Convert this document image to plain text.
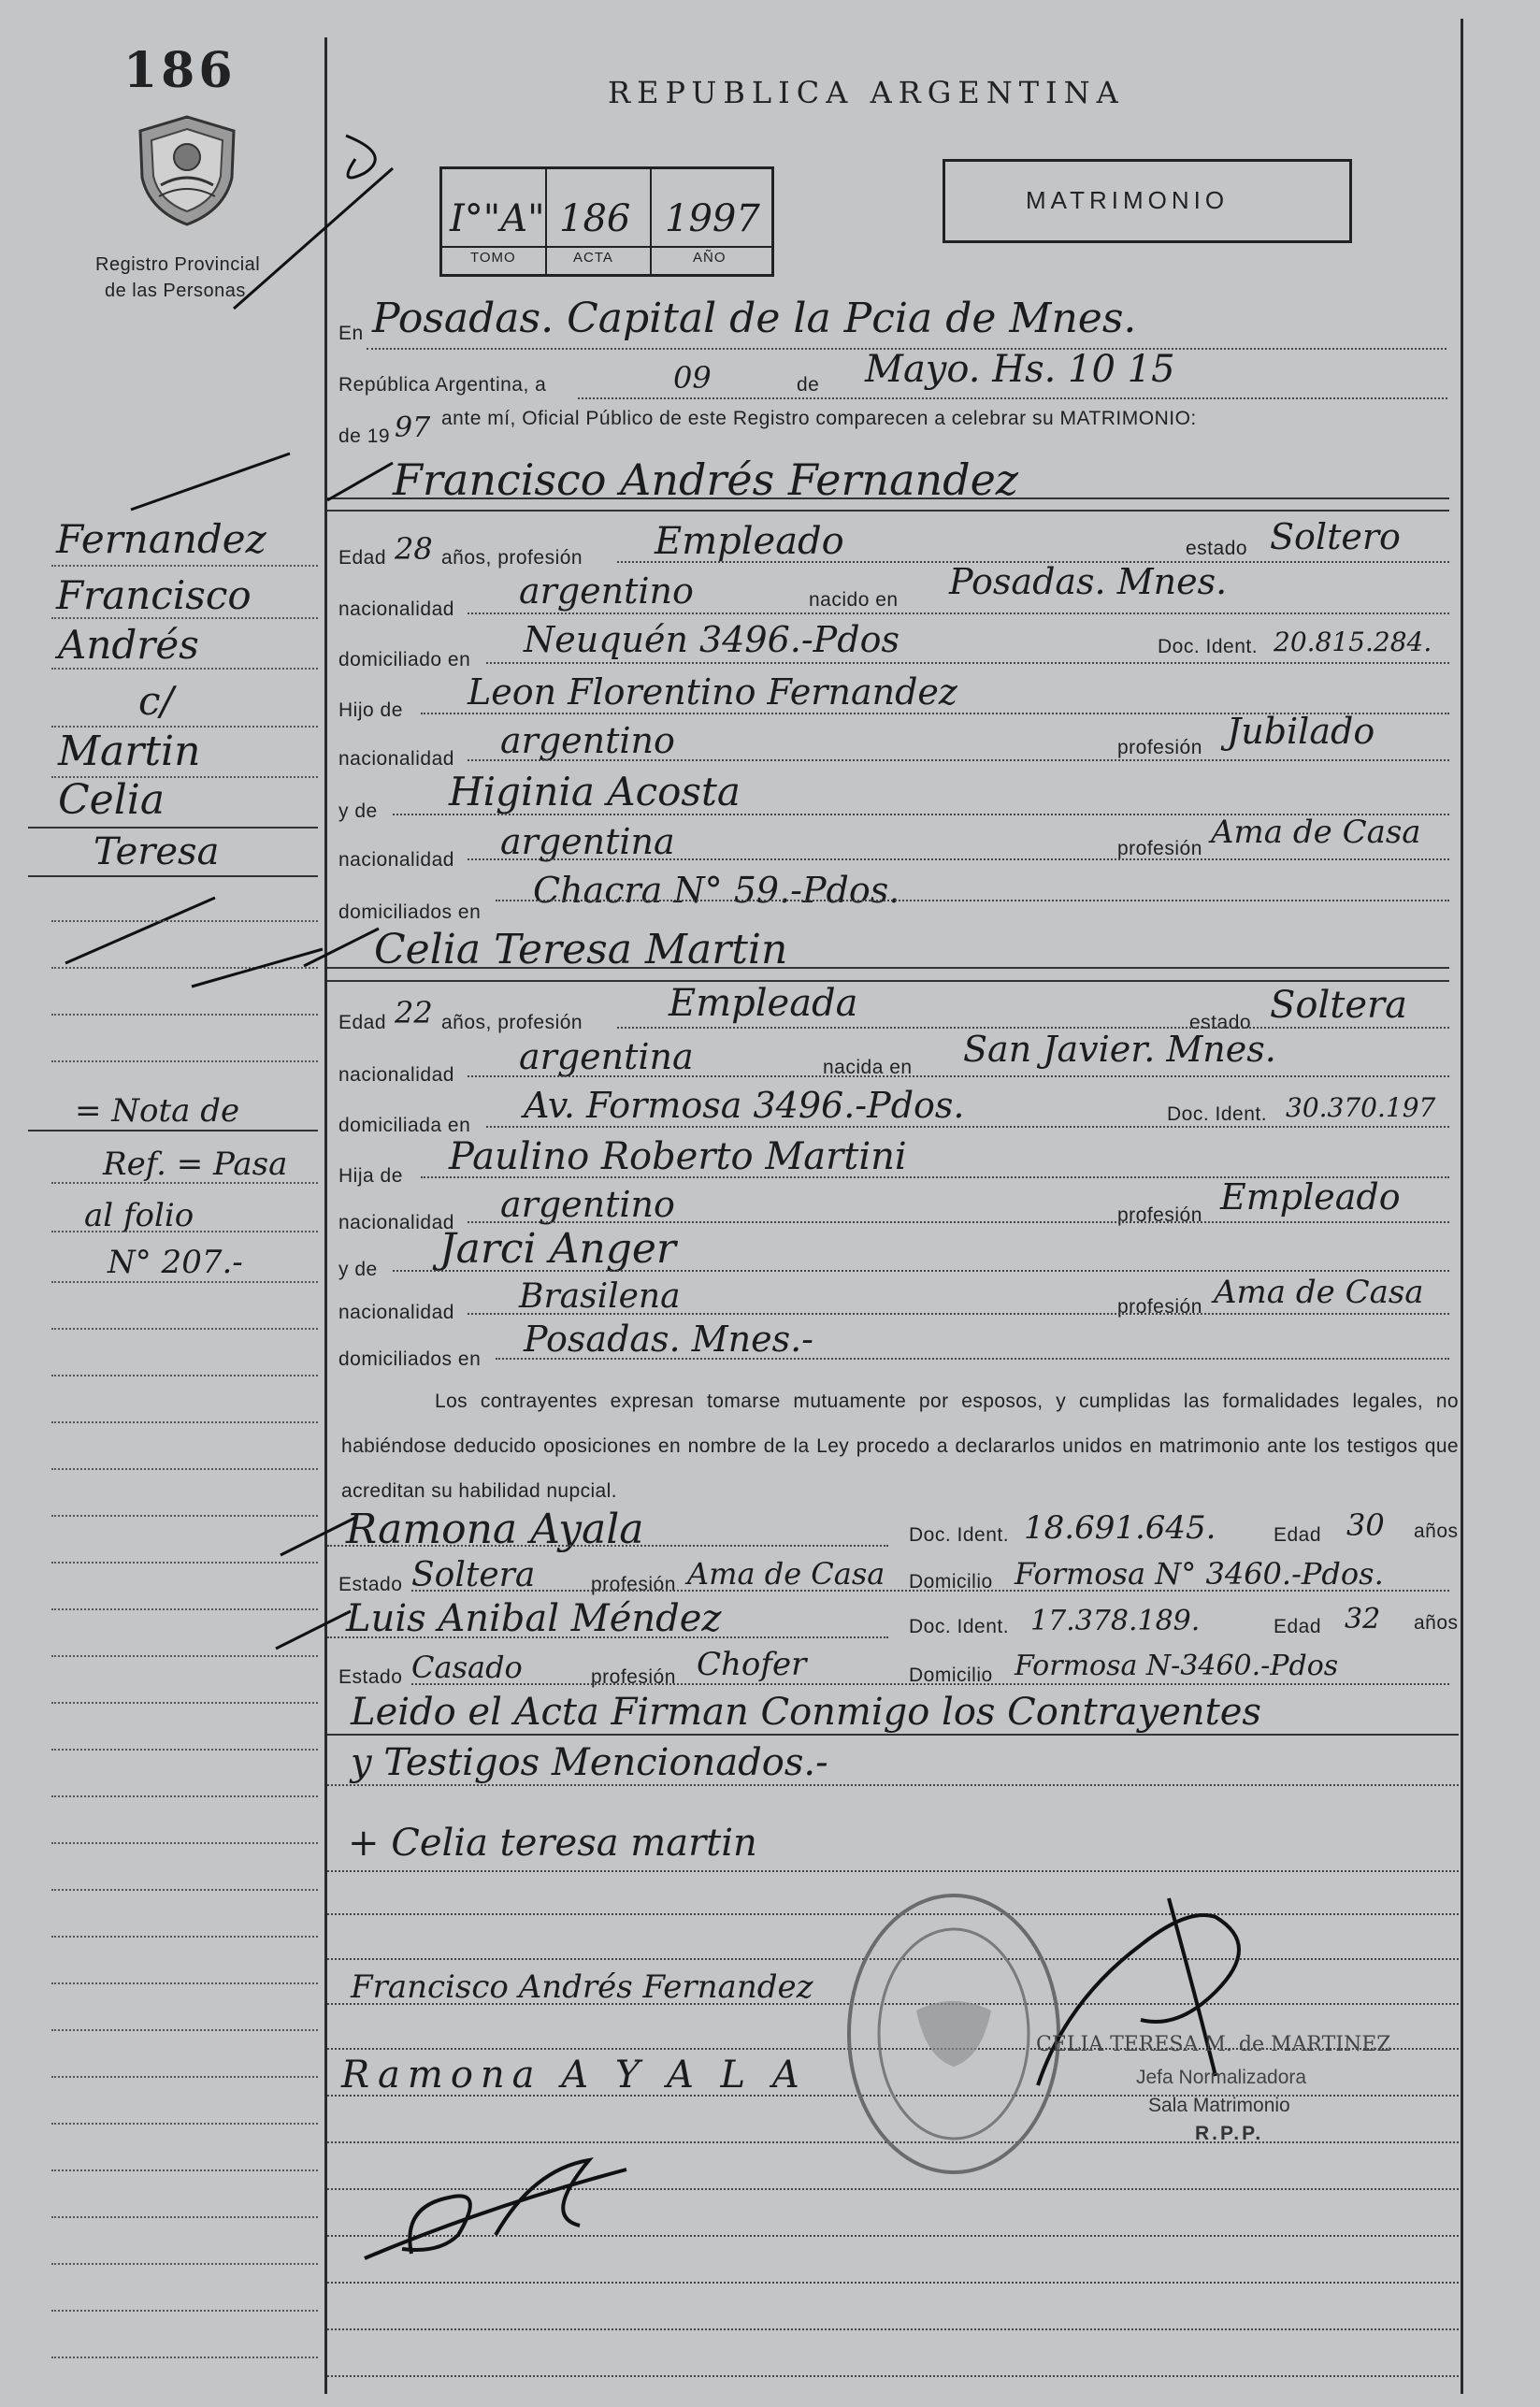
186
Registro Provincial
de las Personas
REPUBLICA ARGENTINA
I°"A" 186 1997
TOMO	ACTA	AÑO
MATRIMONIO
En Posadas. Capital de la Pcia de Mnes.
República Argentina, a	09	de Mayo. Hs. 10 15
de 19 97 ante mí, Oficial Público de este Registro comparecen a celebrar su MATRIMONIO:
Francisco Andrés Fernandez
Edad 28 años, profesión Empleado	estado Soltero
nacionalidad argentino	nacido en Posadas. Mnes.
domiciliado en Neuquén 3496.-Pdos	Doc. Ident. 20.815.284.
Hijo de Leon Florentino Fernandez
nacionalidad argentino	profesión Jubilado
y de Higinia Acosta
nacionalidad argentina	profesión Ama de Casa
domiciliados en
Chacra N° 59.-Pdos.
Celia Teresa Martin
Edad 22 años, profesión Empleada	estado Soltera
nacionalidad argentina	nacida en San Javier. Mnes.
domiciliada en Av. Formosa 3496.-Pdos.	Doc. Ident. 30.370.197
Hija de Paulino Roberto Martini
nacionalidad argentino	profesión Empleado
y de Jarci Anger
nacionalidad Brasilena	profesión Ama de Casa
domiciliados en Posadas. Mnes.-
Los contrayentes expresan tomarse mutuamente por esposos, y cumplidas las formalidades legales, no habiéndose deducido oposiciones en nombre de la Ley procedo a declararlos unidos en matrimonio ante los testigos que acreditan su habilidad nupcial.
Ramona Ayala	Doc. Ident. 18.691.645.	Edad 30 años
Estado Soltera	profesión Ama de Casa Domicilio Formosa N° 3460.-Pdos.
Luis Anibal Méndez	Doc. Ident. 17.378.189.	Edad 32 años
Estado Casado	profesión Chofer	Domicilio Formosa N-3460.-Pdos
Leido el Acta Firman Conmigo los Contrayentes
y Testigos Mencionados.-
+ Celia teresa martin
Francisco Andrés Fernandez
Ramona A Y A L A
CELIA TERESA M. de MARTINEZ
Jefa Normalizadora
Sala Matrimonio
R.P.P.
Fernandez
Francisco
Andrés
c/
Martin
Celia
Teresa
= Nota de
Ref. = Pasa
al folio
N° 207.-
